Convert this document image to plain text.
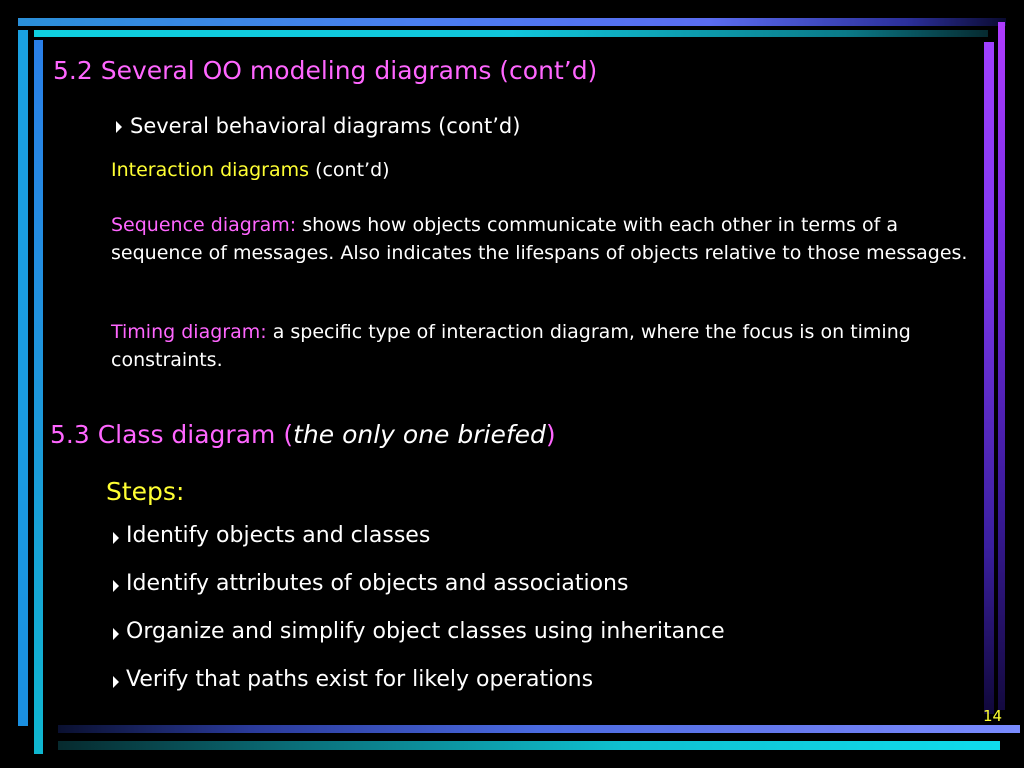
5.2 Several OO modeling diagrams (cont’d)
Several behavioral diagrams (cont’d)
Interaction diagrams (cont’d)
Sequence diagram: shows how objects communicate with each other in terms of a sequence of messages. Also indicates the lifespans of objects relative to those messages.
Timing diagram: a specific type of interaction diagram, where the focus is on timing constraints.
5.3 Class diagram (the only one briefed)
Steps:
Identify objects and classes
Identify attributes of objects and associations
Organize and simplify object classes using inheritance
Verify that paths exist for likely operations
14
